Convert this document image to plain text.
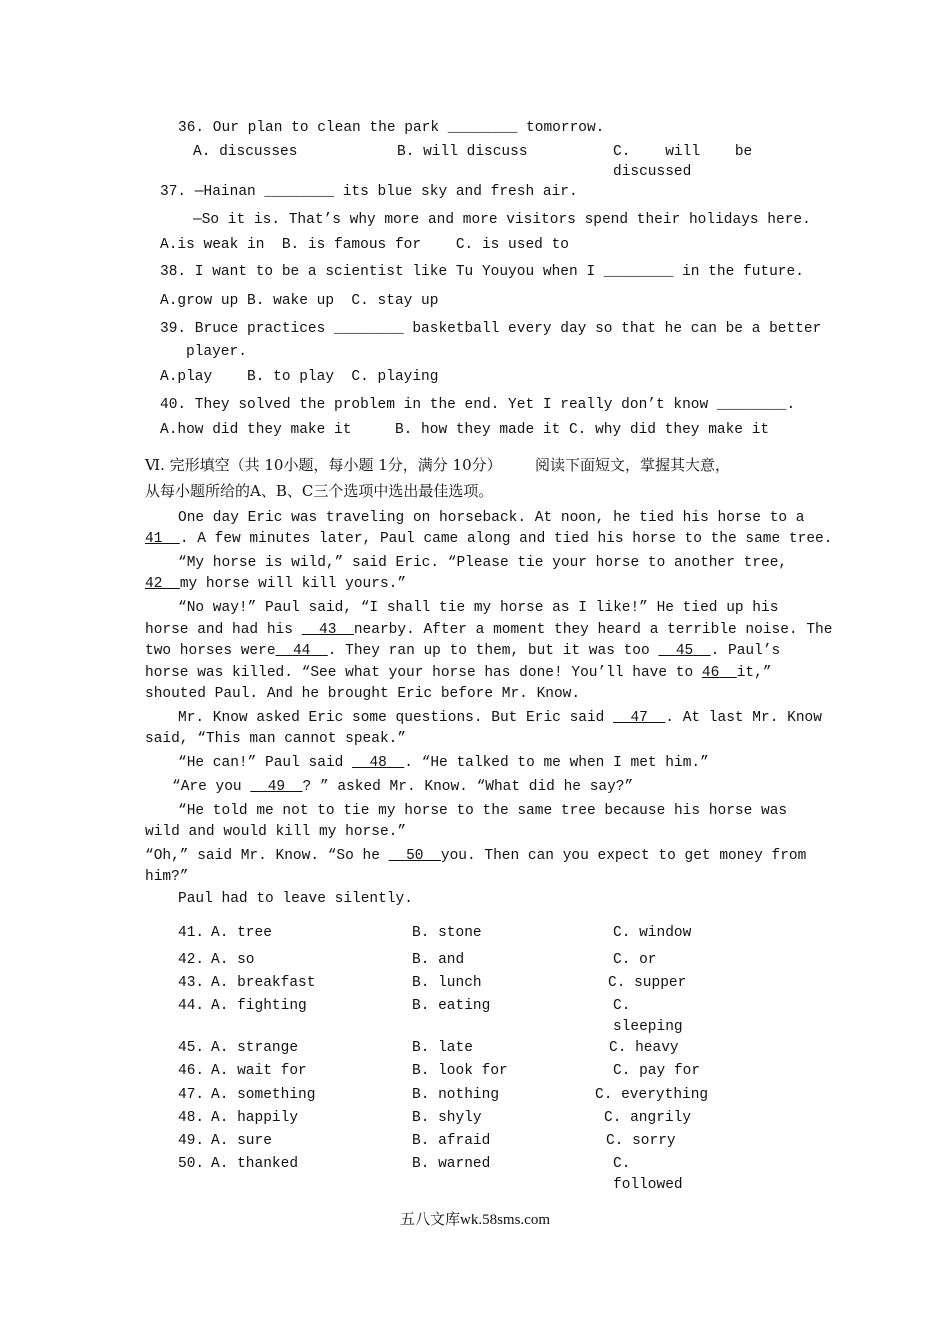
36. Our plan to clean the park ________ tomorrow.
A. discusses	B. will discuss	C.    will    be
discussed
37. —Hainan ________ its blue sky and fresh air.
—So it is. That’s why more and more visitors spend their holidays here.
A.is weak in  B. is famous for    C. is used to
38. I want to be a scientist like Tu Youyou when I ________ in the future.
A.grow up B. wake up  C. stay up
39. Bruce practices ________ basketball every day so that he can be a better
player.
A.play    B. to play  C. playing
40. They solved the problem in the end. Yet I really don’t know ________.
A.how did they make it     B. how they made it C. why did they make it
Ⅵ. 完形填空（共 10小题，每小题 1分，满分 10分）       阅读下面短文，掌握其大意，
从每小题所给的A、B、C三个选项中选出最佳选项。
One day Eric was traveling on horseback. At noon, he tied his horse to a
41 . A few minutes later, Paul came along and tied his horse to the same tree.
“My horse is wild,” said Eric. “Please tie your horse to another tree,
42 my horse will kill yours.”
“No way!” Paul said, “I shall tie my horse as I like!” He tied up his
horse and had his 43 nearby. After a moment they heard a terrible noise. The
two horses were 44 . They ran up to them, but it was too 45 . Paul’s
horse was killed. “See what your horse has done! You’ll have to 46 it,”
shouted Paul. And he brought Eric before Mr. Know.
Mr. Know asked Eric some questions. But Eric said 47 . At last Mr. Know
said, “This man cannot speak.”
“He can!” Paul said 48 . “He talked to me when I met him.”
“Are you 49 ? ” asked Mr. Know. “What did he say?”
“He told me not to tie my horse to the same tree because his horse was
wild and would kill my horse.”
“Oh,” said Mr. Know. “So he 50 you. Then can you expect to get money from
him?”
Paul had to leave silently.
41. A. tree	B. stone	C. window
42. A. so	B. and	C. or
43. A. breakfast	B. lunch	C. supper
44. A. fighting	B. eating	C.
sleeping
45. A. strange	B. late	C. heavy
46. A. wait for	B. look for	C. pay for
47. A. something	B. nothing	C. everything
48. A. happily	B. shyly	C. angrily
49. A. sure	B. afraid	C. sorry
50. A. thanked	B. warned	C.
followed
五八文库wk.58sms.com
